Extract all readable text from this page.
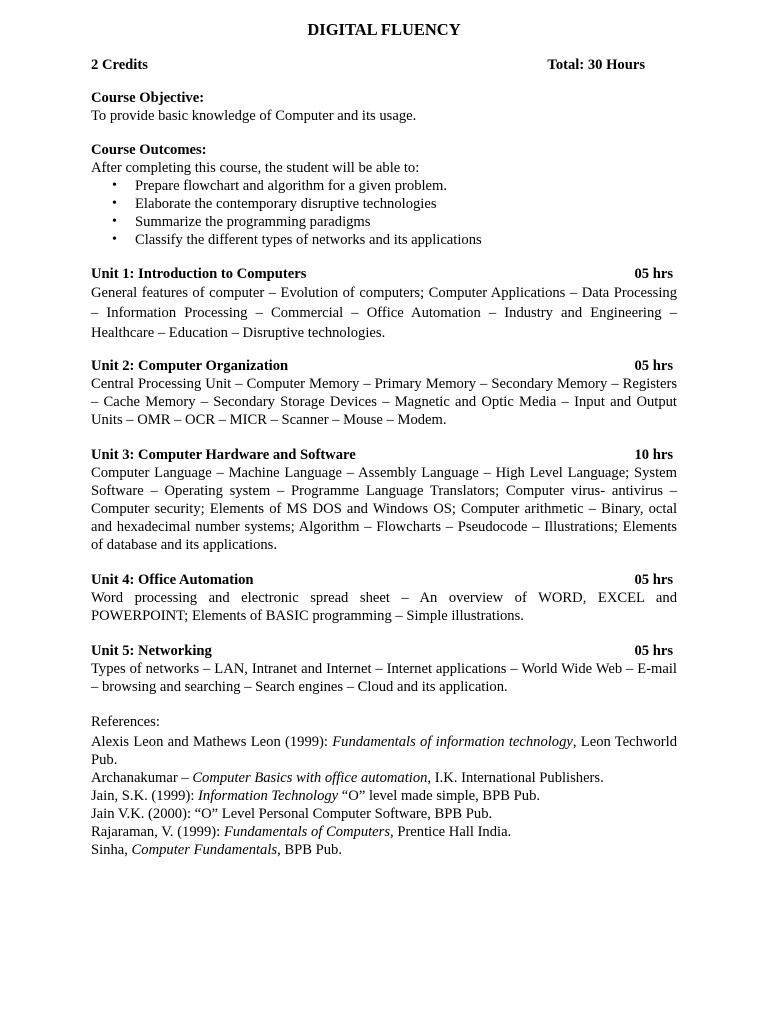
DIGITAL FLUENCY
2 Credits	Total: 30 Hours
Course Objective:
To provide basic knowledge of Computer and its usage.
Course Outcomes:
After completing this course, the student will be able to:
• Prepare flowchart and algorithm for a given problem.
• Elaborate the contemporary disruptive technologies
• Summarize the programming paradigms
• Classify the different types of networks and its applications
Unit 1: Introduction to Computers	05 hrs
General features of computer – Evolution of computers; Computer Applications – Data Processing – Information Processing – Commercial – Office Automation – Industry and Engineering – Healthcare – Education – Disruptive technologies.
Unit 2: Computer Organization	05 hrs
Central Processing Unit – Computer Memory – Primary Memory – Secondary Memory – Registers – Cache Memory – Secondary Storage Devices – Magnetic and Optic Media – Input and Output Units – OMR – OCR – MICR – Scanner – Mouse – Modem.
Unit 3: Computer Hardware and Software	10 hrs
Computer Language – Machine Language – Assembly Language – High Level Language; System Software – Operating system – Programme Language Translators; Computer virus- antivirus – Computer security; Elements of MS DOS and Windows OS; Computer arithmetic – Binary, octal and hexadecimal number systems; Algorithm – Flowcharts – Pseudocode – Illustrations; Elements of database and its applications.
Unit 4: Office Automation	05 hrs
Word processing and electronic spread sheet – An overview of WORD, EXCEL and POWERPOINT; Elements of BASIC programming – Simple illustrations.
Unit 5: Networking	05 hrs
Types of networks – LAN, Intranet and Internet – Internet applications – World Wide Web – E-mail – browsing and searching – Search engines – Cloud and its application.
References:
Alexis Leon and Mathews Leon (1999): Fundamentals of information technology, Leon Techworld Pub.
Archanakumar – Computer Basics with office automation, I.K. International Publishers.
Jain, S.K. (1999): Information Technology “O” level made simple, BPB Pub.
Jain V.K. (2000): “O” Level Personal Computer Software, BPB Pub.
Rajaraman, V. (1999): Fundamentals of Computers, Prentice Hall India.
Sinha, Computer Fundamentals, BPB Pub.
